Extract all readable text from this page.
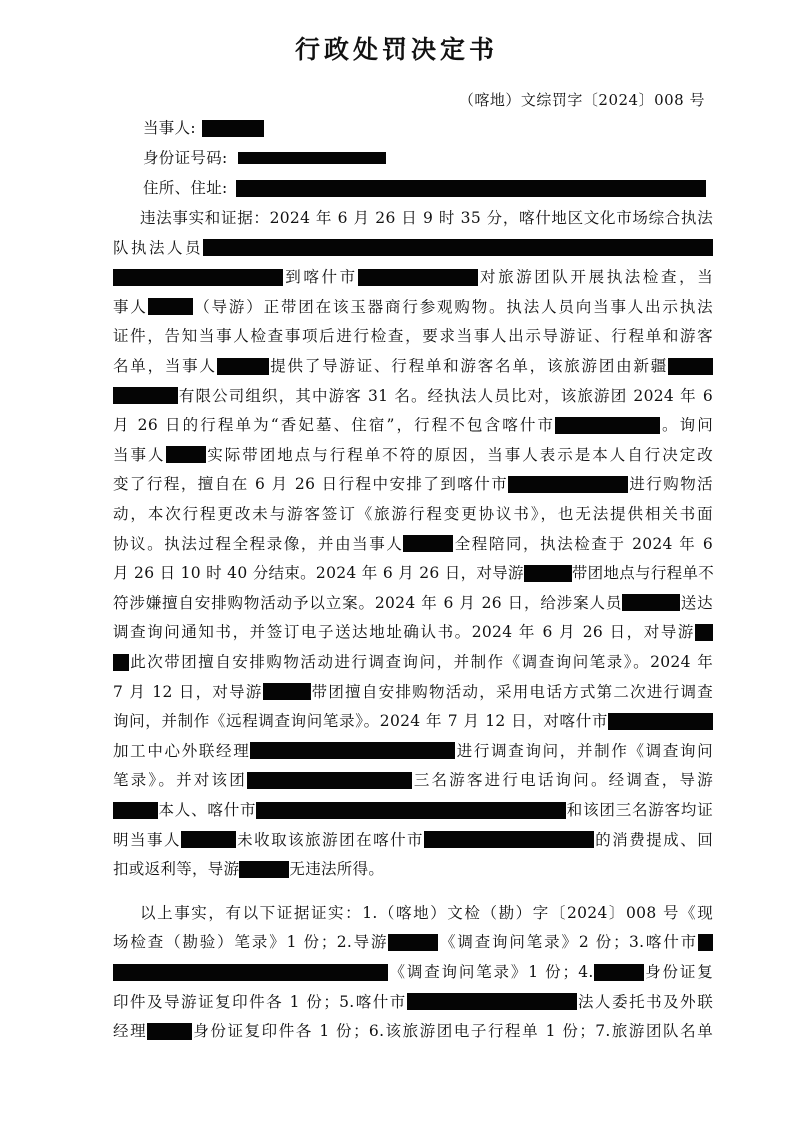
行政处罚决定书
（喀地）文综罚字〔2024〕008 号
当事人:
身份证号码:
住所、住址:
违法事实和证据：2024 年 6 月 26 日 9 时 35 分，喀什地区文化市场综合执法
队执法人员
到喀什市	对旅游团队开展执法检查，当
事人	（导游）正带团在该玉器商行参观购物。执法人员向当事人出示执法
证件，告知当事人检查事项后进行检查，要求当事人出示导游证、行程单和游客
名单，当事人	提供了导游证、行程单和游客名单，该旅游团由新疆
有限公司组织，其中游客 31 名。经执法人员比对，该旅游团 2024 年 6
月 26 日的行程单为“香妃墓、住宿”，行程不包含喀什市	。询问
当事人	实际带团地点与行程单不符的原因，当事人表示是本人自行决定改
变了行程，擅自在 6 月 26 日行程中安排了到喀什市	进行购物活
动，本次行程更改未与游客签订《旅游行程变更协议书》，也无法提供相关书面
协议。执法过程全程录像，并由当事人	全程陪同，执法检查于 2024 年 6
月 26 日 10 时 40 分结束。2024 年 6 月 26 日，对导游	带团地点与行程单不
符涉嫌擅自安排购物活动予以立案。2024 年 6 月 26 日，给涉案人员	送达
调查询问通知书，并签订电子送达地址确认书。2024 年 6 月 26 日，对导游
此次带团擅自安排购物活动进行调查询问，并制作《调查询问笔录》。2024 年
7 月 12 日，对导游	带团擅自安排购物活动，采用电话方式第二次进行调查
询问，并制作《远程调查询问笔录》。2024 年 7 月 12 日，对喀什市
加工中心外联经理	进行调查询问，并制作《调查询问
笔录》。并对该团	三名游客进行电话询问。经调查，导游
本人、喀什市	和该团三名游客均证
明当事人	未收取该旅游团在喀什市	的消费提成、回
扣或返利等，导游	无违法所得。
以上事实，有以下证据证实：1.（喀地）文检（勘）字〔2024〕008 号《现
场检查（勘验）笔录》1 份；2.导游	《调查询问笔录》2 份；3.喀什市
《调查询问笔录》1 份；4.	身份证复
印件及导游证复印件各 1 份；5.喀什市	法人委托书及外联
经理	身份证复印件各 1 份；6.该旅游团电子行程单 1 份；7.旅游团队名单
